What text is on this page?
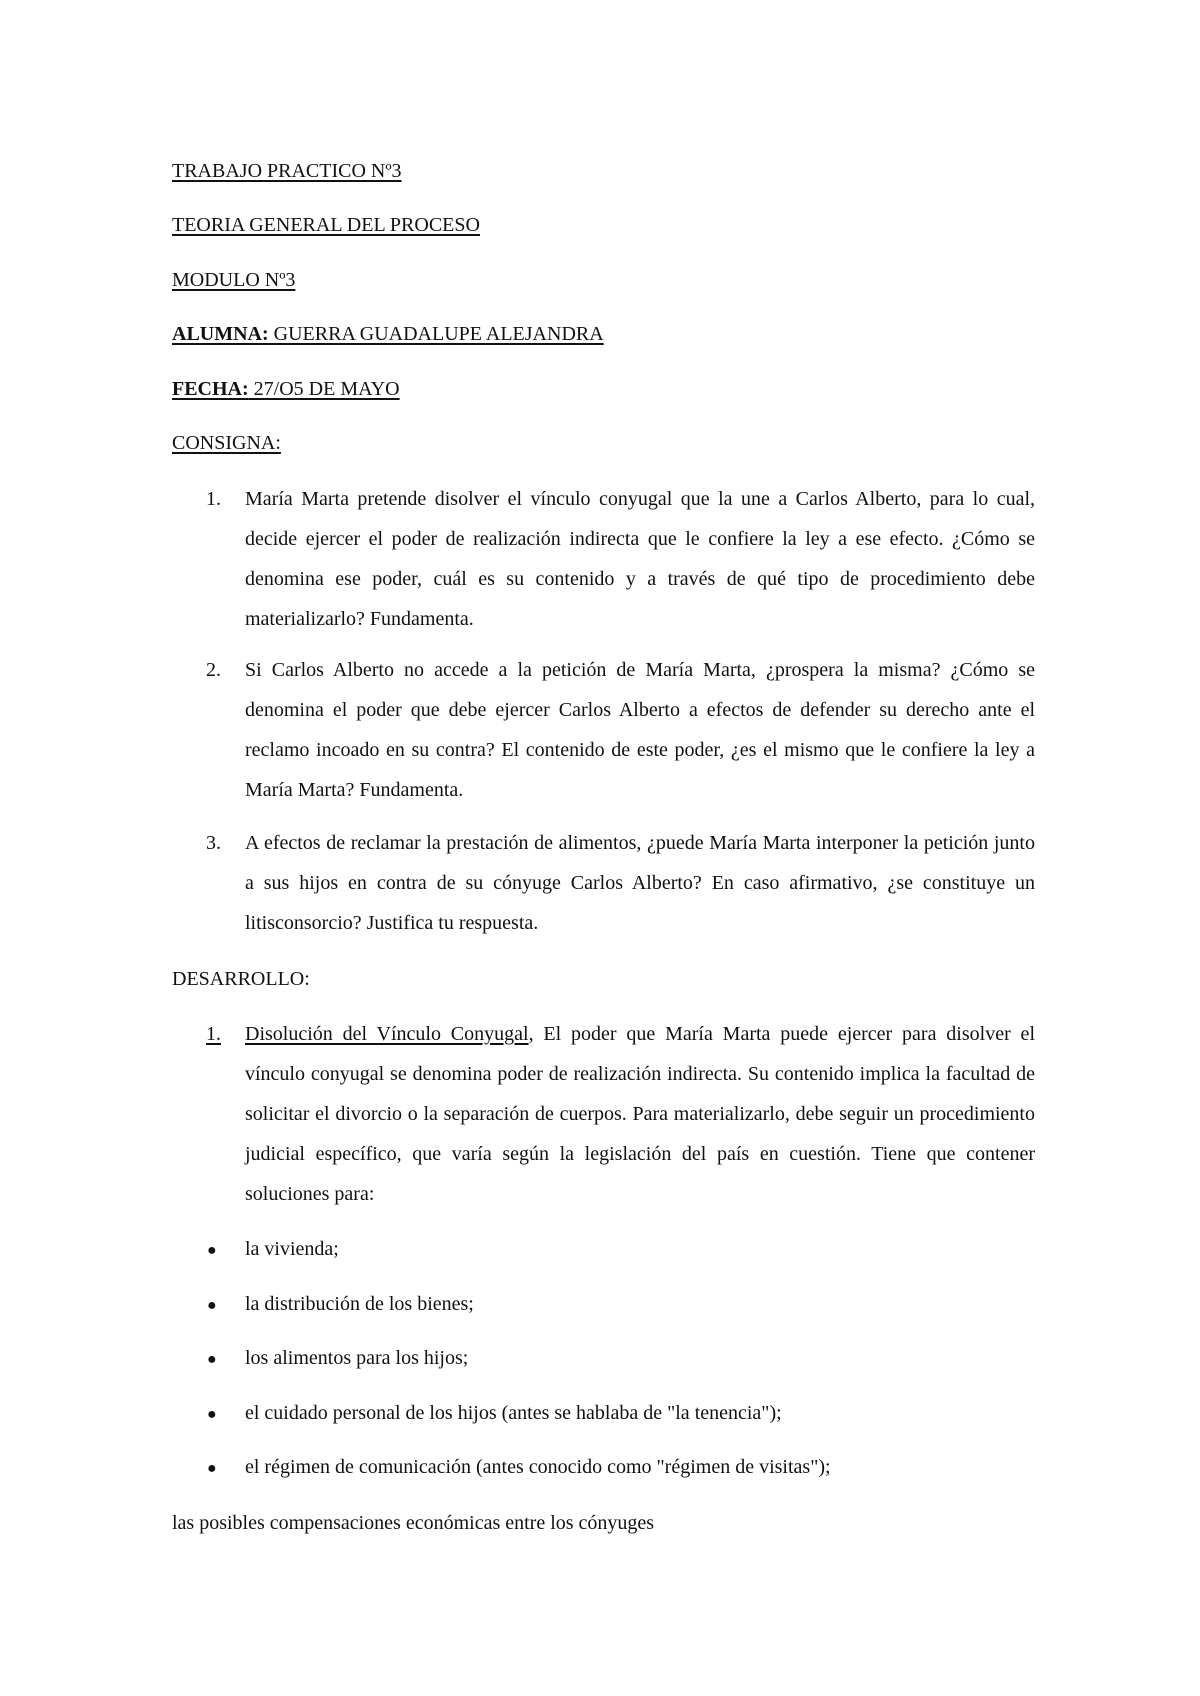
TRABAJO PRACTICO Nº3
TEORIA GENERAL DEL PROCESO
MODULO Nº3
ALUMNA: GUERRA GUADALUPE ALEJANDRA
FECHA: 27/O5 DE MAYO
CONSIGNA:
1.	María Marta pretende disolver el vínculo conyugal que la une a Carlos Alberto, para lo cual, decide ejercer el poder de realización indirecta que le confiere la ley a ese efecto. ¿Cómo se denomina ese poder, cuál es su contenido y a través de qué tipo de procedimiento debe materializarlo? Fundamenta.
2.	Si Carlos Alberto no accede a la petición de María Marta, ¿prospera la misma? ¿Cómo se denomina el poder que debe ejercer Carlos Alberto a efectos de defender su derecho ante el reclamo incoado en su contra? El contenido de este poder, ¿es el mismo que le confiere la ley a María Marta? Fundamenta.
3.	A efectos de reclamar la prestación de alimentos, ¿puede María Marta interponer la petición junto a sus hijos en contra de su cónyuge Carlos Alberto? En caso afirmativo, ¿se constituye un litisconsorcio? Justifica tu respuesta.
DESARROLLO:
1.	Disolución del Vínculo Conyugal, El poder que María Marta puede ejercer para disolver el vínculo conyugal se denomina poder de realización indirecta. Su contenido implica la facultad de solicitar el divorcio o la separación de cuerpos. Para materializarlo, debe seguir un procedimiento judicial específico, que varía según la legislación del país en cuestión. Tiene que contener soluciones para:
● la vivienda;
● la distribución de los bienes;
● los alimentos para los hijos;
● el cuidado personal de los hijos (antes se hablaba de "la tenencia");
● el régimen de comunicación (antes conocido como "régimen de visitas");
las posibles compensaciones económicas entre los cónyuges
